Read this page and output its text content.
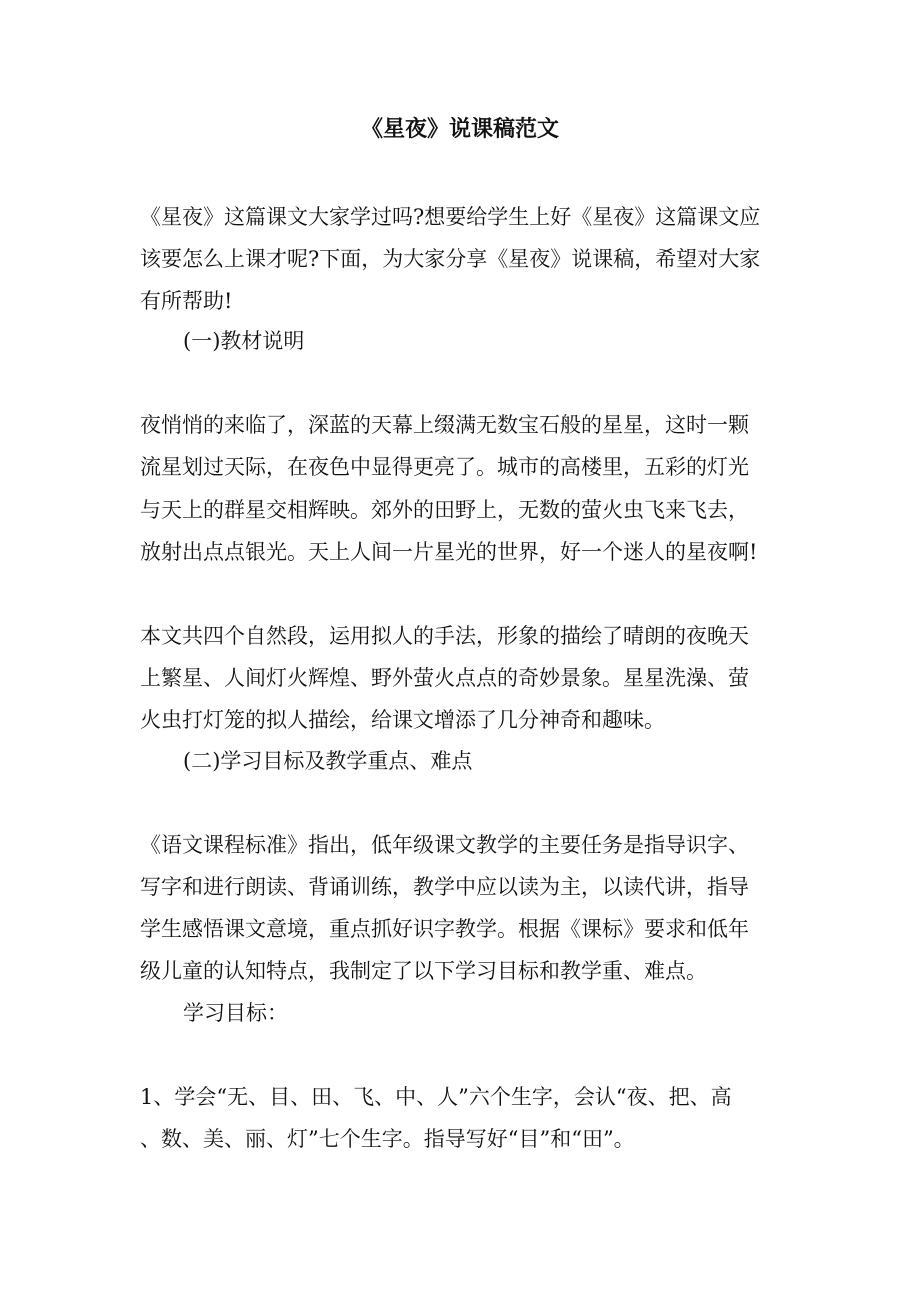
《星夜》说课稿范文
《星夜》这篇课文大家学过吗?想要给学生上好《星夜》这篇课文应
该要怎么上课才呢?下面，为大家分享《星夜》说课稿，希望对大家
有所帮助!
(一)教材说明
夜悄悄的来临了，深蓝的天幕上缀满无数宝石般的星星，这时一颗
流星划过天际，在夜色中显得更亮了。城市的高楼里，五彩的灯光
与天上的群星交相辉映。郊外的田野上，无数的萤火虫飞来飞去，
放射出点点银光。天上人间一片星光的世界，好一个迷人的星夜啊!
本文共四个自然段，运用拟人的手法，形象的描绘了晴朗的夜晚天
上繁星、人间灯火辉煌、野外萤火点点的奇妙景象。星星洗澡、萤
火虫打灯笼的拟人描绘，给课文增添了几分神奇和趣味。
(二)学习目标及教学重点、难点
《语文课程标准》指出，低年级课文教学的主要任务是指导识字、
写字和进行朗读、背诵训练，教学中应以读为主，以读代讲，指导
学生感悟课文意境，重点抓好识字教学。根据《课标》要求和低年
级儿童的认知特点，我制定了以下学习目标和教学重、难点。
学习目标：
1、学会“无、目、田、飞、中、人”六个生字，会认“夜、把、高
、数、美、丽、灯”七个生字。指导写好“目”和“田”。
